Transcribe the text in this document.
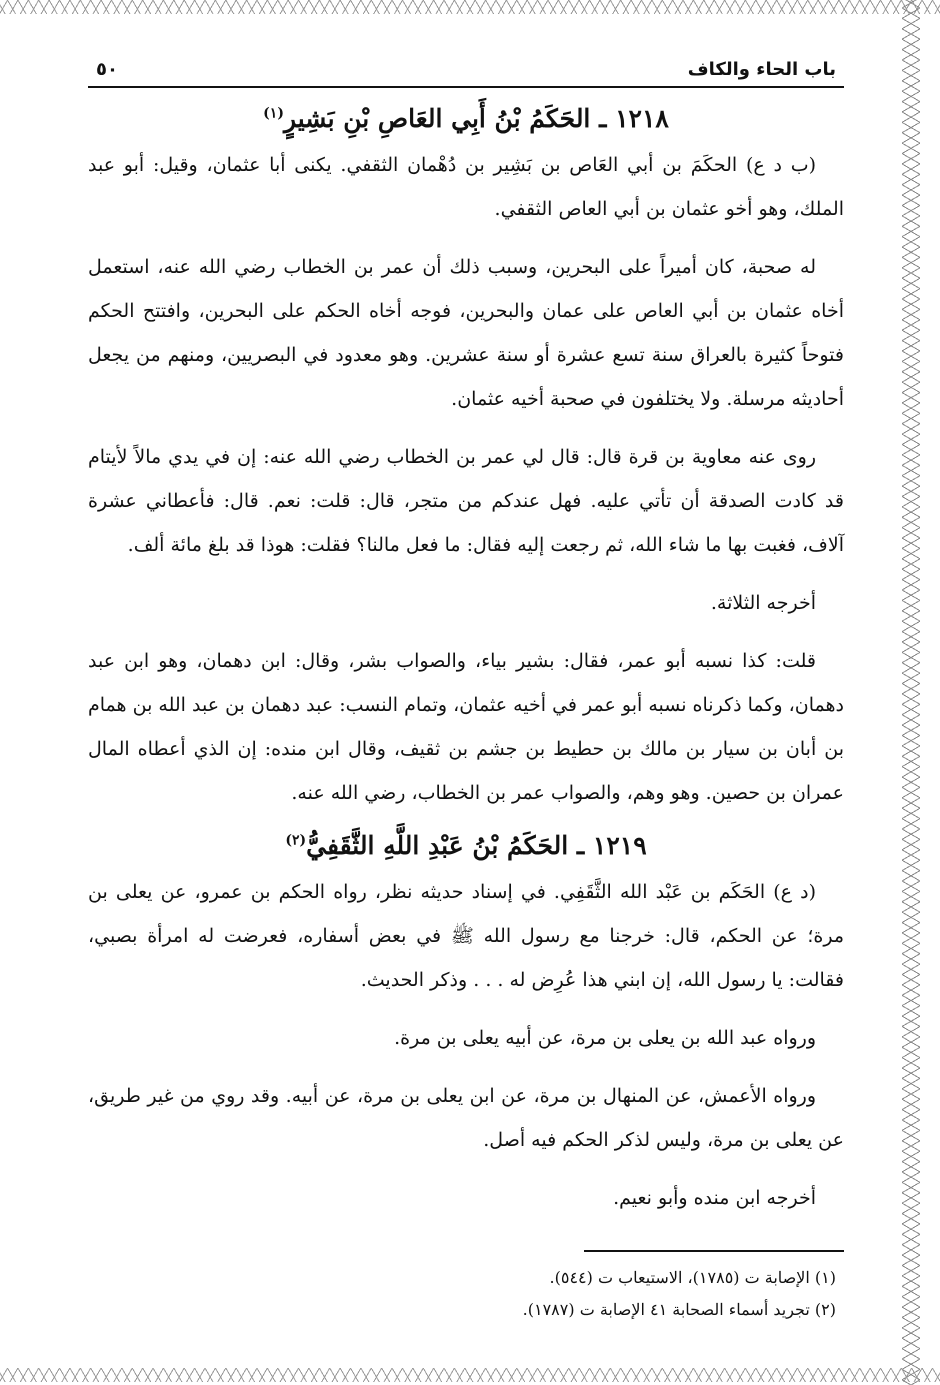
باب الحاء والكاف
٥٠
١٢١٨ ـ الحَكَمُ بْنُ أَبِي العَاصِ بْنِ بَشِيرٍ$^{(١)}$

(ب د ع) الحكَمَ بن أبي العَاص بن بَشِير بن دُهْمان الثقفي. يكنى أبا عثمان، وقيل: أبو عبد الملك، وهو أخو عثمان بن أبي العاص الثقفي.

له صحبة، كان أميراً على البحرين، وسبب ذلك أن عمر بن الخطاب رضي الله عنه، استعمل أخاه عثمان بن أبي العاص على عمان والبحرين، فوجه أخاه الحكم على البحرين، وافتتح الحكم فتوحاً كثيرة بالعراق سنة تسع عشرة أو سنة عشرين. وهو معدود في البصريين، ومنهم من يجعل أحاديثه مرسلة. ولا يختلفون في صحبة أخيه عثمان.

روى عنه معاوية بن قرة قال: قال لي عمر بن الخطاب رضي الله عنه: إن في يدي مالاً لأيتام قد كادت الصدقة أن تأتي عليه. فهل عندكم من متجر، قال: قلت: نعم. قال: فأعطاني عشرة آلاف، فغبت بها ما شاء الله، ثم رجعت إليه فقال: ما فعل مالنا؟ فقلت: هوذا قد بلغ مائة ألف.

أخرجه الثلاثة.

قلت: كذا نسبه أبو عمر، فقال: بشير بياء، والصواب بشر، وقال: ابن دهمان، وهو ابن عبد دهمان، وكما ذكرناه نسبه أبو عمر في أخيه عثمان، وتمام النسب: عبد دهمان بن عبد الله بن همام بن أبان بن سيار بن مالك بن حطيط بن جشم بن ثقيف، وقال ابن منده: إن الذي أعطاه المال عمران بن حصين. وهو وهم، والصواب عمر بن الخطاب، رضي الله عنه.

١٢١٩ ـ الحَكَمُ بْنُ عَبْدِ اللَّهِ الثَّقَفِيُّ$^{(٢)}$

(د ع) الحَكَم بن عَبْد الله الثَّقَفِي. في إسناد حديثه نظر، رواه الحكم بن عمرو، عن يعلى بن مرة؛ عن الحكم، قال: خرجنا مع رسول الله ﷺ في بعض أسفاره، فعرضت له امرأة بصبي، فقالت: يا رسول الله، إن ابني هذا عُرِض له . . . وذكر الحديث.

ورواه عبد الله بن يعلى بن مرة، عن أبيه يعلى بن مرة.

ورواه الأعمش، عن المنهال بن مرة، عن ابن يعلى بن مرة، عن أبيه. وقد روي من غير طريق، عن يعلى بن مرة، وليس لذكر الحكم فيه أصل.

أخرجه ابن منده وأبو نعيم.

(١) الإصابة ت (١٧٨٥)، الاستيعاب ت (٥٤٤).

(٢) تجريد أسماء الصحابة ٤١ الإصابة ت (١٧٨٧).
